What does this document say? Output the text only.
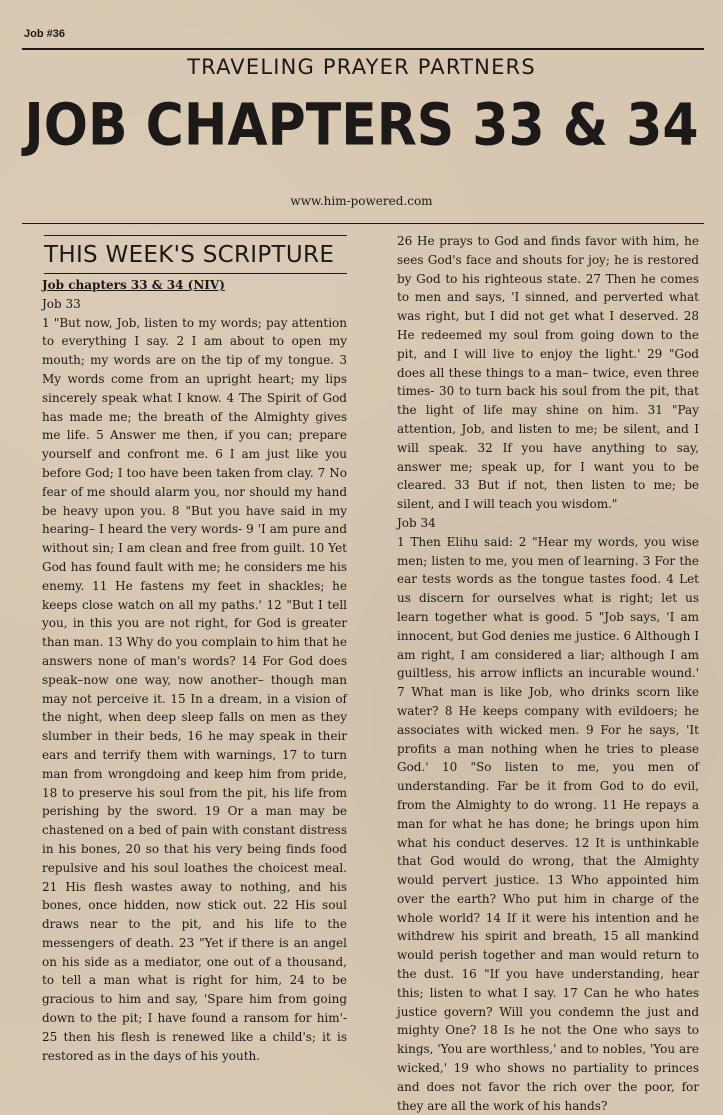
Job #36
TRAVELING PRAYER PARTNERS
JOB CHAPTERS 33 & 34
www.him-powered.com
THIS WEEK'S SCRIPTURE
Job chapters 33 & 34 (NIV)
Job 33
1 "But now, Job, listen to my words; pay attention to everything I say. 2 I am about to open my mouth; my words are on the tip of my tongue. 3 My words come from an upright heart; my lips sincerely speak what I know. 4 The Spirit of God has made me; the breath of the Almighty gives me life. 5 Answer me then, if you can; prepare yourself and confront me. 6 I am just like you before God; I too have been taken from clay. 7 No fear of me should alarm you, nor should my hand be heavy upon you. 8 "But you have said in my hearing– I heard the very words- 9 'I am pure and without sin; I am clean and free from guilt. 10 Yet God has found fault with me; he considers me his enemy. 11 He fastens my feet in shackles; he keeps close watch on all my paths.' 12 "But I tell you, in this you are not right, for God is greater than man. 13 Why do you complain to him that he answers none of man's words? 14 For God does speak–now one way, now another– though man may not perceive it. 15 In a dream, in a vision of the night, when deep sleep falls on men as they slumber in their beds, 16 he may speak in their ears and terrify them with warnings, 17 to turn man from wrongdoing and keep him from pride, 18 to preserve his soul from the pit, his life from perishing by the sword. 19 Or a man may be chastened on a bed of pain with constant distress in his bones, 20 so that his very being finds food repulsive and his soul loathes the choicest meal. 21 His flesh wastes away to nothing, and his bones, once hidden, now stick out. 22 His soul draws near to the pit, and his life to the messengers of death. 23 "Yet if there is an angel on his side as a mediator, one out of a thousand, to tell a man what is right for him, 24 to be gracious to him and say, 'Spare him from going down to the pit; I have found a ransom for him'- 25 then his flesh is renewed like a child's; it is restored as in the days of his youth.
26 He prays to God and finds favor with him, he sees God's face and shouts for joy; he is restored by God to his righteous state. 27 Then he comes to men and says, 'I sinned, and perverted what was right, but I did not get what I deserved. 28 He redeemed my soul from going down to the pit, and I will live to enjoy the light.' 29 "God does all these things to a man– twice, even three times- 30 to turn back his soul from the pit, that the light of life may shine on him. 31 "Pay attention, Job, and listen to me; be silent, and I will speak. 32 If you have anything to say, answer me; speak up, for I want you to be cleared. 33 But if not, then listen to me; be silent, and I will teach you wisdom."
Job 34
1 Then Elihu said: 2 "Hear my words, you wise men; listen to me, you men of learning. 3 For the ear tests words as the tongue tastes food. 4 Let us discern for ourselves what is right; let us learn together what is good. 5 "Job says, 'I am innocent, but God denies me justice. 6 Although I am right, I am considered a liar; although I am guiltless, his arrow inflicts an incurable wound.' 7 What man is like Job, who drinks scorn like water? 8 He keeps company with evildoers; he associates with wicked men. 9 For he says, 'It profits a man nothing when he tries to please God.' 10 "So listen to me, you men of understanding. Far be it from God to do evil, from the Almighty to do wrong. 11 He repays a man for what he has done; he brings upon him what his conduct deserves. 12 It is unthinkable that God would do wrong, that the Almighty would pervert justice. 13 Who appointed him over the earth? Who put him in charge of the whole world? 14 If it were his intention and he withdrew his spirit and breath, 15 all mankind would perish together and man would return to the dust. 16 "If you have understanding, hear this; listen to what I say. 17 Can he who hates justice govern? Will you condemn the just and mighty One? 18 Is he not the One who says to kings, 'You are worthless,' and to nobles, 'You are wicked,' 19 who shows no partiality to princes and does not favor the rich over the poor, for they are all the work of his hands?
